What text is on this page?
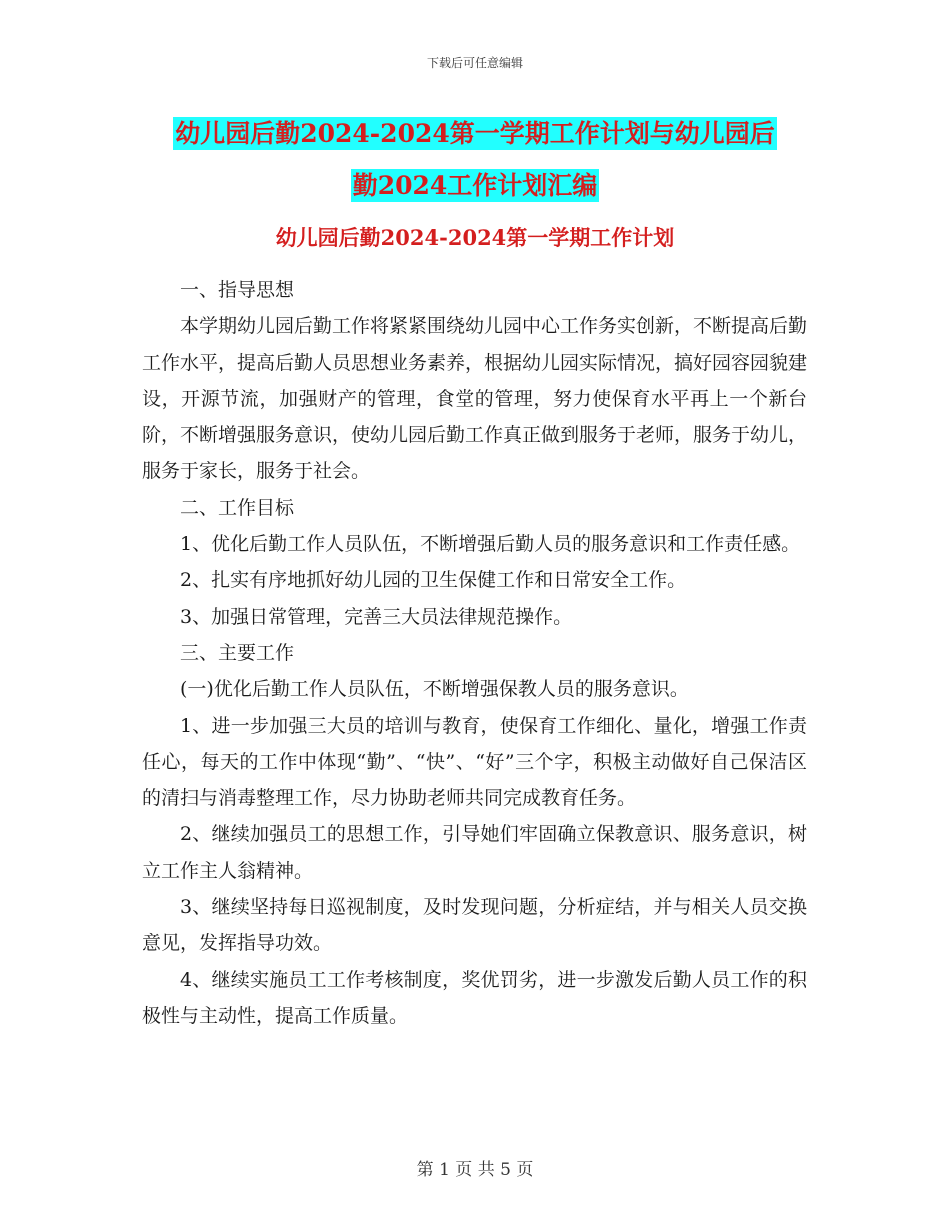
下载后可任意编辑
幼儿园后勤2024-2024第一学期工作计划与幼儿园后
勤2024工作计划汇编
幼儿园后勤2024-2024第一学期工作计划

一、指导思想

本学期幼儿园后勤工作将紧紧围绕幼儿园中心工作务实创新，不断提高后勤工作水平，提高后勤人员思想业务素养，根据幼儿园实际情况，搞好园容园貌建设，开源节流，加强财产的管理，食堂的管理，努力使保育水平再上一个新台阶，不断增强服务意识，使幼儿园后勤工作真正做到服务于老师，服务于幼儿，服务于家长，服务于社会。

二、工作目标

1、优化后勤工作人员队伍，不断增强后勤人员的服务意识和工作责任感。

2、扎实有序地抓好幼儿园的卫生保健工作和日常安全工作。

3、加强日常管理，完善三大员法律规范操作。

三、主要工作

(一)优化后勤工作人员队伍，不断增强保教人员的服务意识。

1、进一步加强三大员的培训与教育，使保育工作细化、量化，增强工作责任心，每天的工作中体现“勤”、“快”、“好”三个字，积极主动做好自己保洁区的清扫与消毒整理工作，尽力协助老师共同完成教育任务。

2、继续加强员工的思想工作，引导她们牢固确立保教意识、服务意识，树立工作主人翁精神。

3、继续坚持每日巡视制度，及时发现问题，分析症结，并与相关人员交换意见，发挥指导功效。

4、继续实施员工工作考核制度，奖优罚劣，进一步激发后勤人员工作的积极性与主动性，提高工作质量。

第 1 页 共 5 页
